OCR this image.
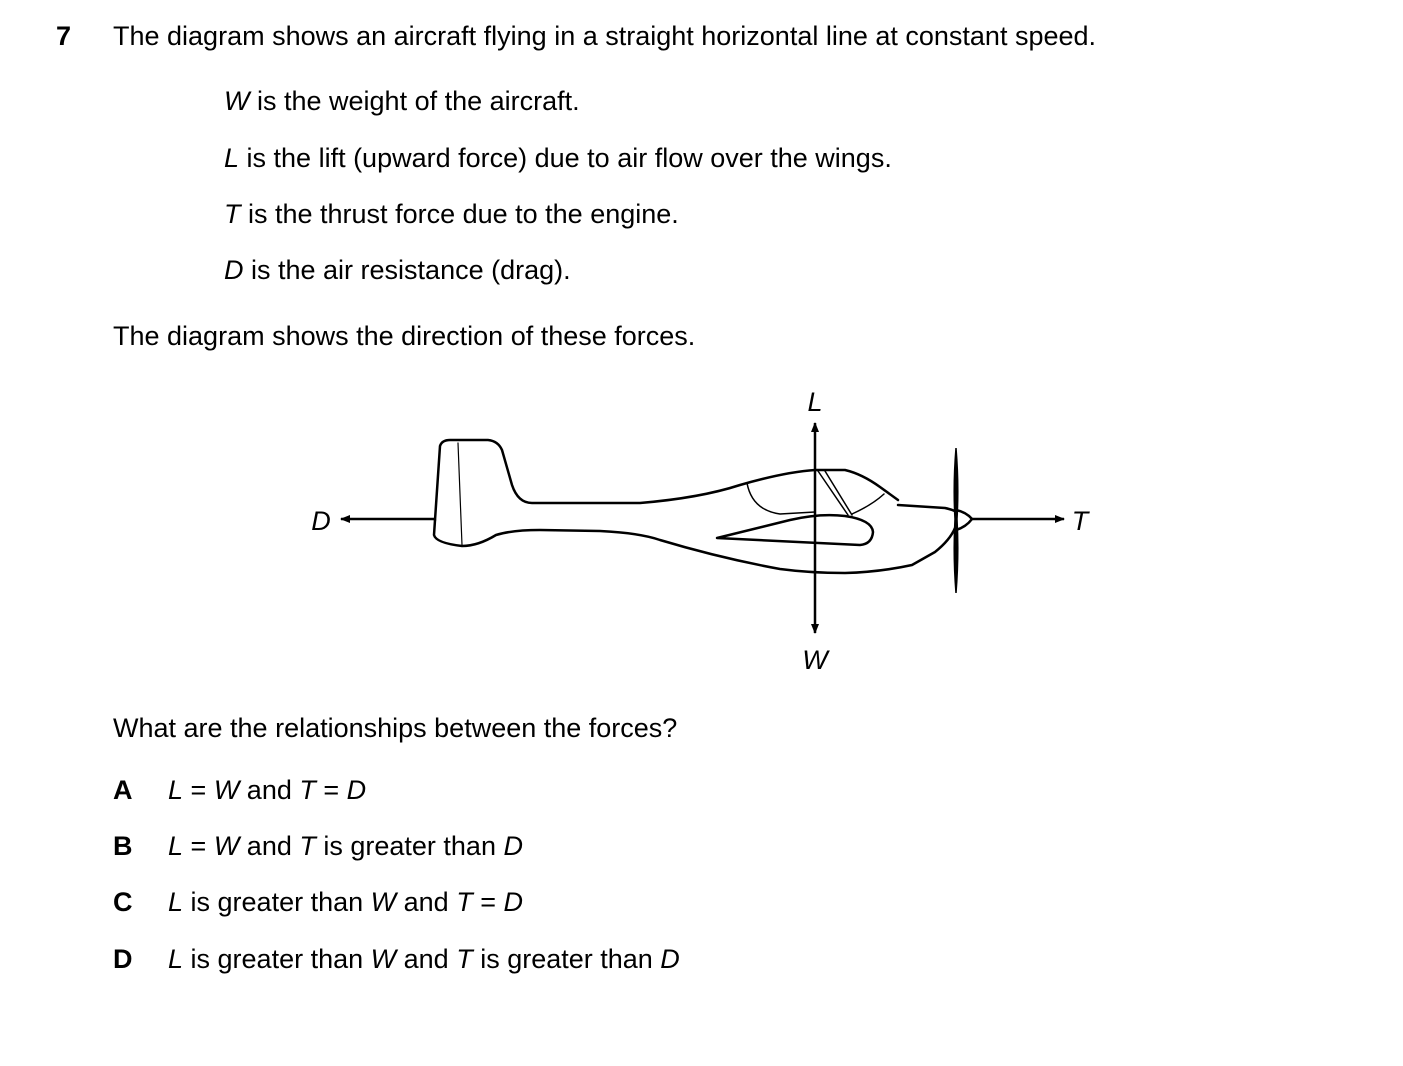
7 The diagram shows an aircraft flying in a straight horizontal line at constant speed.
W is the weight of the aircraft.
L is the lift (upward force) due to air flow over the wings.
T is the thrust force due to the engine.
D is the air resistance (drag).
The diagram shows the direction of these forces.
L
W
T
D
What are the relationships between the forces?
A L = W and T = D
B L = W and T is greater than D
C L is greater than W and T = D
D L is greater than W and T is greater than D
